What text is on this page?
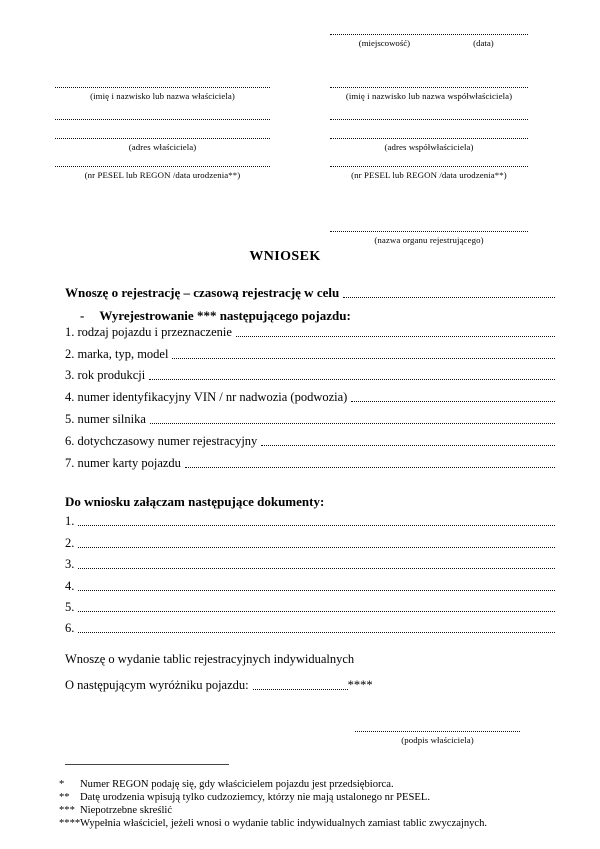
(miejscowość)	(data)
(imię i nazwisko lub nazwa właściciela)
(adres właściciela)
(nr PESEL lub REGON /data urodzenia**)
(imię i nazwisko lub nazwa współwłaściciela)
(adres współwłaściciela)
(nr PESEL lub REGON /data urodzenia**)
(nazwa organu rejestrującego)
WNIOSEK
Wnoszę o rejestrację – czasową rejestrację w celu
- Wyrejestrowanie *** następującego pojazdu:
1. rodzaj pojazdu i przeznaczenie
2. marka, typ, model
3. rok produkcji
4. numer identyfikacyjny VIN / nr nadwozia (podwozia)
5. numer silnika
6. dotychczasowy numer rejestracyjny
7. numer karty pojazdu
Do wniosku załączam następujące dokumenty:
1.
2.
3.
4.
5.
6.
Wnoszę o wydanie tablic rejestracyjnych indywidualnych
O następującym wyróżniku pojazdu:	****
(podpis właściciela)
*	Numer REGON podaję się, gdy właścicielem pojazdu jest przedsiębiorca.
** Datę urodzenia wpisują tylko cudzoziemcy, którzy nie mają ustalonego nr PESEL.
*** Niepotrzebne skreślić
**** Wypełnia właściciel, jeżeli wnosi o wydanie tablic indywidualnych zamiast tablic zwyczajnych.
